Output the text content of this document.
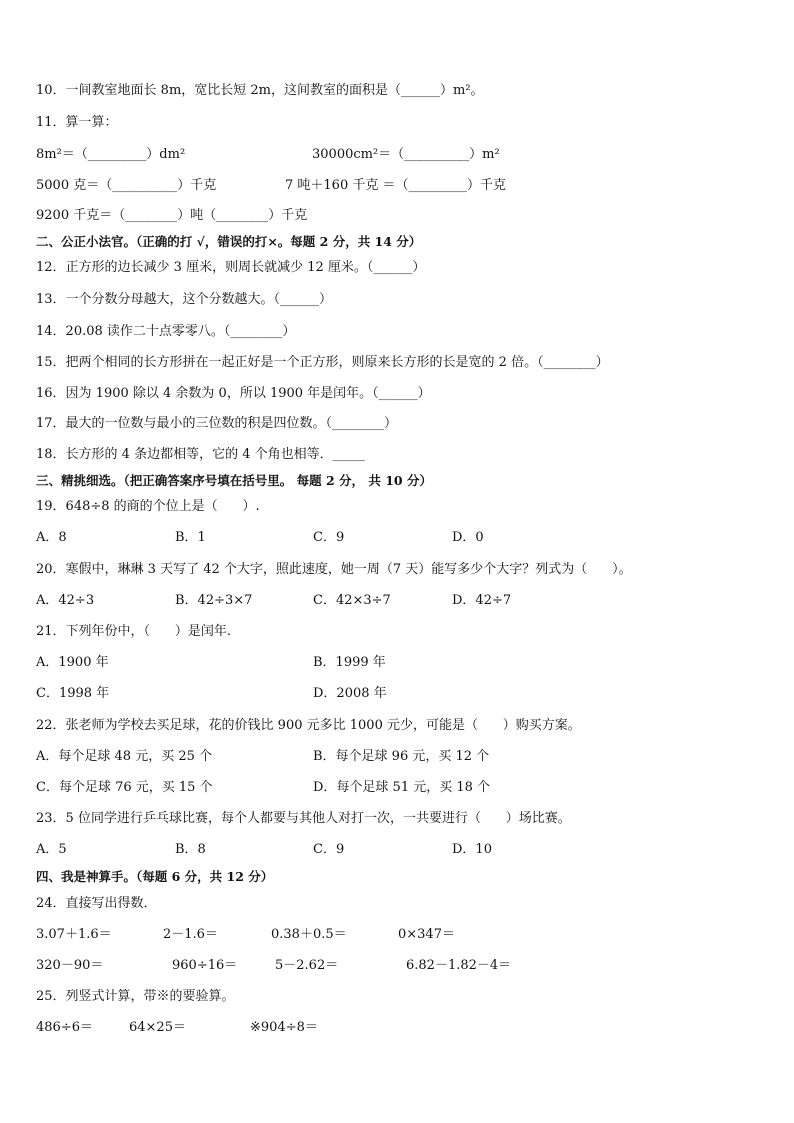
10．一间教室地面长 8m，宽比长短 2m，这间教室的面积是（______）m²。
11．算一算：
8m²＝（_________）dm²	30000cm²＝（__________）m²
5000 克＝（__________）千克	7 吨＋160 千克 ＝（_________）千克
9200 千克＝（________）吨（________）千克
二、公正小法官。（正确的打 √，错误的打×。每题 2 分，共 14 分）
12．正方形的边长减少 3 厘米，则周长就减少 12 厘米。（______）
13．一个分数分母越大，这个分数越大。（______）
14．20.08 读作二十点零零八。（________）
15．把两个相同的长方形拼在一起正好是一个正方形，则原来长方形的长是宽的 2 倍。（________）
16．因为 1900 除以 4 余数为 0，所以 1900 年是闰年。（______）
17．最大的一位数与最小的三位数的积是四位数。（________）
18．长方形的 4 条边都相等，它的 4 个角也相等．_____
三、精挑细选。（把正确答案序号填在括号里。 每题 2 分， 共 10 分）
19．648÷8 的商的个位上是（      ）.
A．8	B．1	C．9	D．0
20．寒假中，琳琳 3 天写了 42 个大字，照此速度，她一周（7 天）能写多少个大字？列式为（      ）。
A．42÷3	B．42÷3×7	C．42×3÷7	D．42÷7
21．下列年份中，（      ）是闰年.
A．1900 年	B．1999 年
C．1998 年	D．2008 年
22．张老师为学校去买足球，花的价钱比 900 元多比 1000 元少，可能是（      ）购买方案。
A．每个足球 48 元，买 25 个	B．每个足球 96 元，买 12 个
C．每个足球 76 元，买 15 个	D．每个足球 51 元，买 18 个
23．5 位同学进行乒乓球比赛，每个人都要与其他人对打一次，一共要进行（      ）场比赛。
A．5	B．8	C．9	D．10
四、我是神算手。（每题 6 分，共 12 分）
24．直接写出得数．
3.07＋1.6＝	2－1.6＝	0.38＋0.5＝	0×347＝
320－90＝	960÷16＝	5－2.62＝	6.82－1.82－4＝
25．列竖式计算，带※的要验算。
486÷6＝	64×25＝	※904÷8＝
